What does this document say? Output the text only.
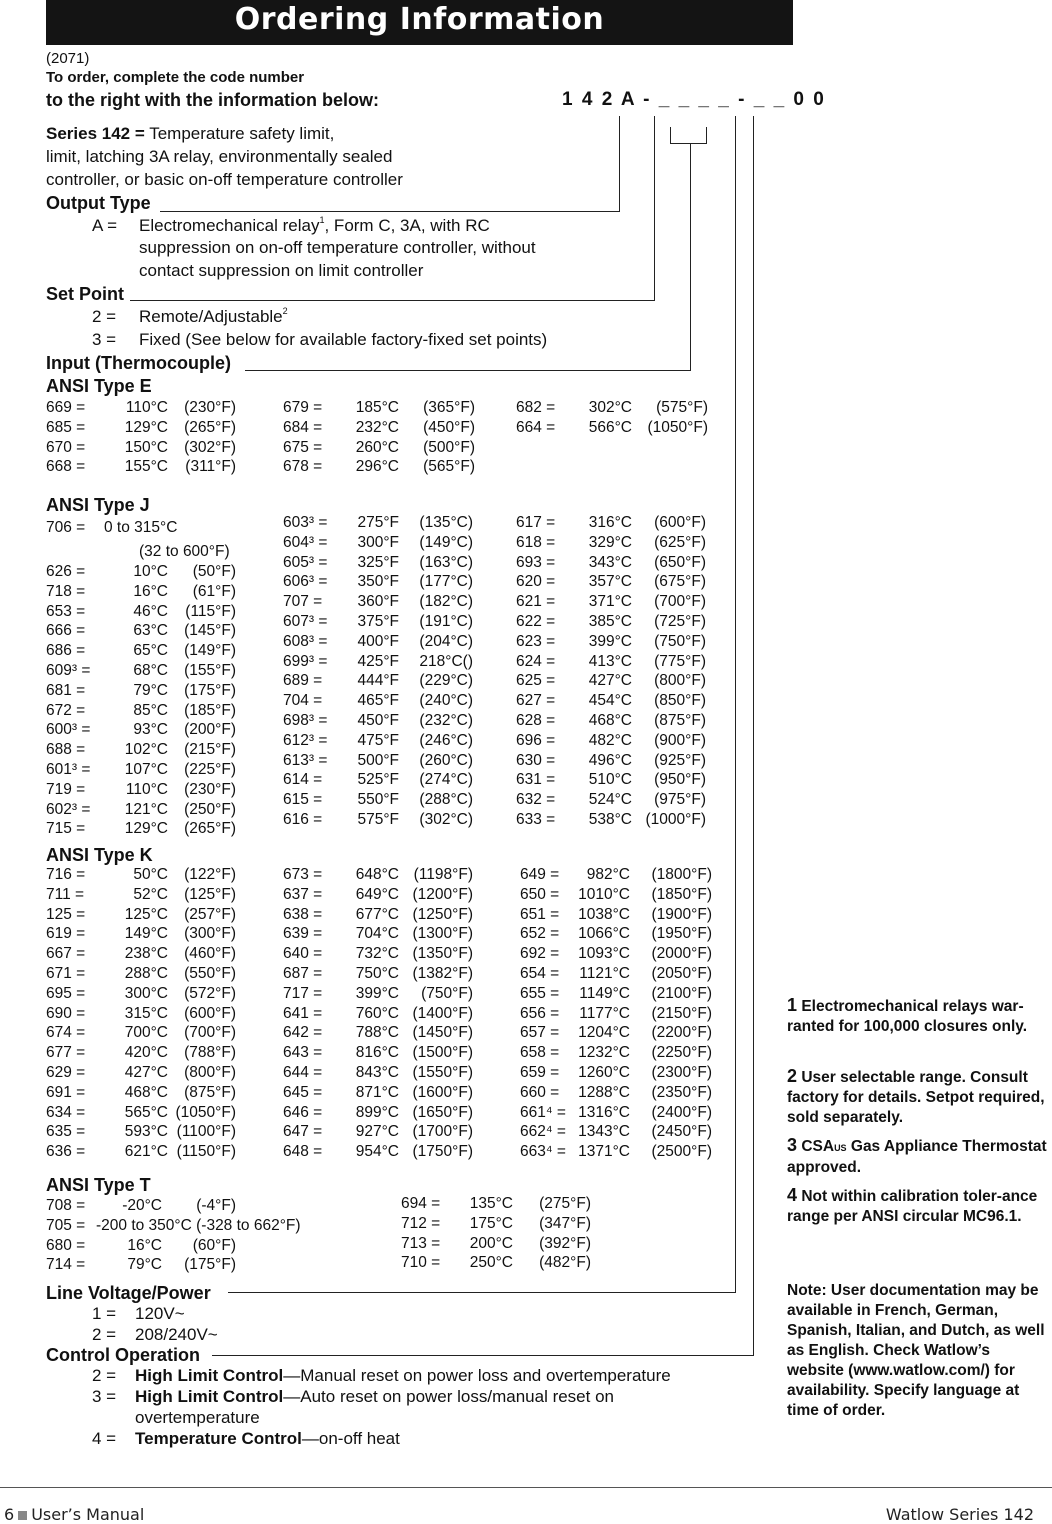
Ordering Information
(2071)
To order, complete the code number
to the right with the information below:	1 4 2 A - _ _ _ _ - _ _ 0 0
Series 142 = Temperature safety limit,
limit, latching 3A relay, environmentally sealed
controller, or basic on-off temperature controller
Output Type
A = Electromechanical relay$^1$, Form C, 3A, with RC
suppression on on-off temperature controller, without
contact suppression on limit controller
Set Point
2 = Remote/Adjustable$^2$
3 = Fixed (See below for available factory-fixed set points)
Input (Thermocouple)
ANSI Type E
669 =	110°C	(230°F)
685 =	129°C	(265°F)
670 =	150°C	(302°F)
668 =	155°C	(311°F)
679 =	185°C	(365°F)
684 =	232°C	(450°F)
675 =	260°C	(500°F)
678 =	296°C	(565°F)
682 =	302°C	(575°F)
664 =	566°C	(1050°F)
ANSI Type J
706 = 0 to 315°C
(32 to 600°F)
626 =	10°C	(50°F)
718 =	16°C	(61°F)
653 =	46°C	(115°F)
666 =	63°C	(145°F)
686 =	65°C	(149°F)
609³ =	68°C	(155°F)
681 =	79°C	(175°F)
672 =	85°C	(185°F)
600³ =	93°C	(200°F)
688 =	102°C	(215°F)
601³ =	107°C	(225°F)
719 =	110°C	(230°F)
602³ =	121°C	(250°F)
715 =	129°C	(265°F)
603³ =	275°F	(135°C)
604³ =	300°F	(149°C)
605³ =	325°F	(163°C)
606³ =	350°F	(177°C)
707 =	360°F	(182°C)
607³ =	375°F	(191°C)
608³ =	400°F	(204°C)
699³ =	425°F	218°C()
689 =	444°F	(229°C)
704 =	465°F	(240°C)
698³ =	450°F	(232°C)
612³ =	475°F	(246°C)
613³ =	500°F	(260°C)
614 =	525°F	(274°C)
615 =	550°F	(288°C)
616 =	575°F	(302°C)
617 =	316°C	(600°F)
618 =	329°C	(625°F)
693 =	343°C	(650°F)
620 =	357°C	(675°F)
621 =	371°C	(700°F)
622 =	385°C	(725°F)
623 =	399°C	(750°F)
624 =	413°C	(775°F)
625 =	427°C	(800°F)
627 =	454°C	(850°F)
628 =	468°C	(875°F)
696 =	482°C	(900°F)
630 =	496°C	(925°F)
631 =	510°C	(950°F)
632 =	524°C	(975°F)
633 =	538°C (1000°F)
ANSI Type K
716 =	50°C	(122°F)
711 =	52°C	(125°F)
125 =	125°C	(257°F)
619 =	149°C	(300°F)
667 =	238°C	(460°F)
671 =	288°C	(550°F)
695 =	300°C	(572°F)
690 =	315°C	(600°F)
674 =	700°C	(700°F)
677 =	420°C	(788°F)
629 =	427°C	(800°F)
691 =	468°C	(875°F)
634 =	565°C (1050°F)
635 =	593°C (1100°F)
636 =	621°C (1150°F)
673 =	648°C (1198°F)
637 =	649°C (1200°F)
638 =	677°C (1250°F)
639 =	704°C (1300°F)
640 =	732°C (1350°F)
687 =	750°C (1382°F)
717 =	399°C	(750°F)
641 =	760°C (1400°F)
642 =	788°C (1450°F)
643 =	816°C (1500°F)
644 =	843°C (1550°F)
645 =	871°C (1600°F)
646 =	899°C (1650°F)
647 =	927°C (1700°F)
648 =	954°C (1750°F)
649 =	982°C	(1800°F)
650 =	1010°C	(1850°F)
651 =	1038°C	(1900°F)
652 =	1066°C	(1950°F)
692 =	1093°C	(2000°F)
654 =	1121°C	(2050°F)
655 =	1149°C	(2100°F)
656 =	1177°C	(2150°F)
657 =	1204°C	(2200°F)
658 =	1232°C	(2250°F)
659 =	1260°C	(2300°F)
660 =	1288°C	(2350°F)
661⁴ = 1316°C	(2400°F)
662⁴ = 1343°C	(2450°F)
663⁴ = 1371°C	(2500°F)
ANSI Type T
708 =	-20°C	(-4°F)
705 = -200 to 350°C (-328 to 662°F)
680 =	16°C	(60°F)
714 =	79°C	(175°F)
694 =	135°C	(275°F)
712 =	175°C	(347°F)
713 =	200°C	(392°F)
710 =	250°C	(482°F)
Line Voltage/Power
1 = 120V~
2 = 208/240V~
Control Operation
2 = High Limit Control—Manual reset on power loss and overtemperature
3 = High Limit Control—Auto reset on power loss/manual reset on
overtemperature
4 = Temperature Control—on-off heat
1 Electromechanical relays war-ranted for 100,000 closures only.
2 User selectable range. Consult factory for details. Setpot required, sold separately.
3 CSAUS Gas Appliance Thermostat approved.
4 Not within calibration toler-ance range per ANSI circular MC96.1.
Note: User documentation may be available in French, German, Spanish, Italian, and Dutch, as well as English. Check Watlow’s website (www.watlow.com/) for availability. Specify language at time of order.
6 User’s Manual	Watlow Series 142
